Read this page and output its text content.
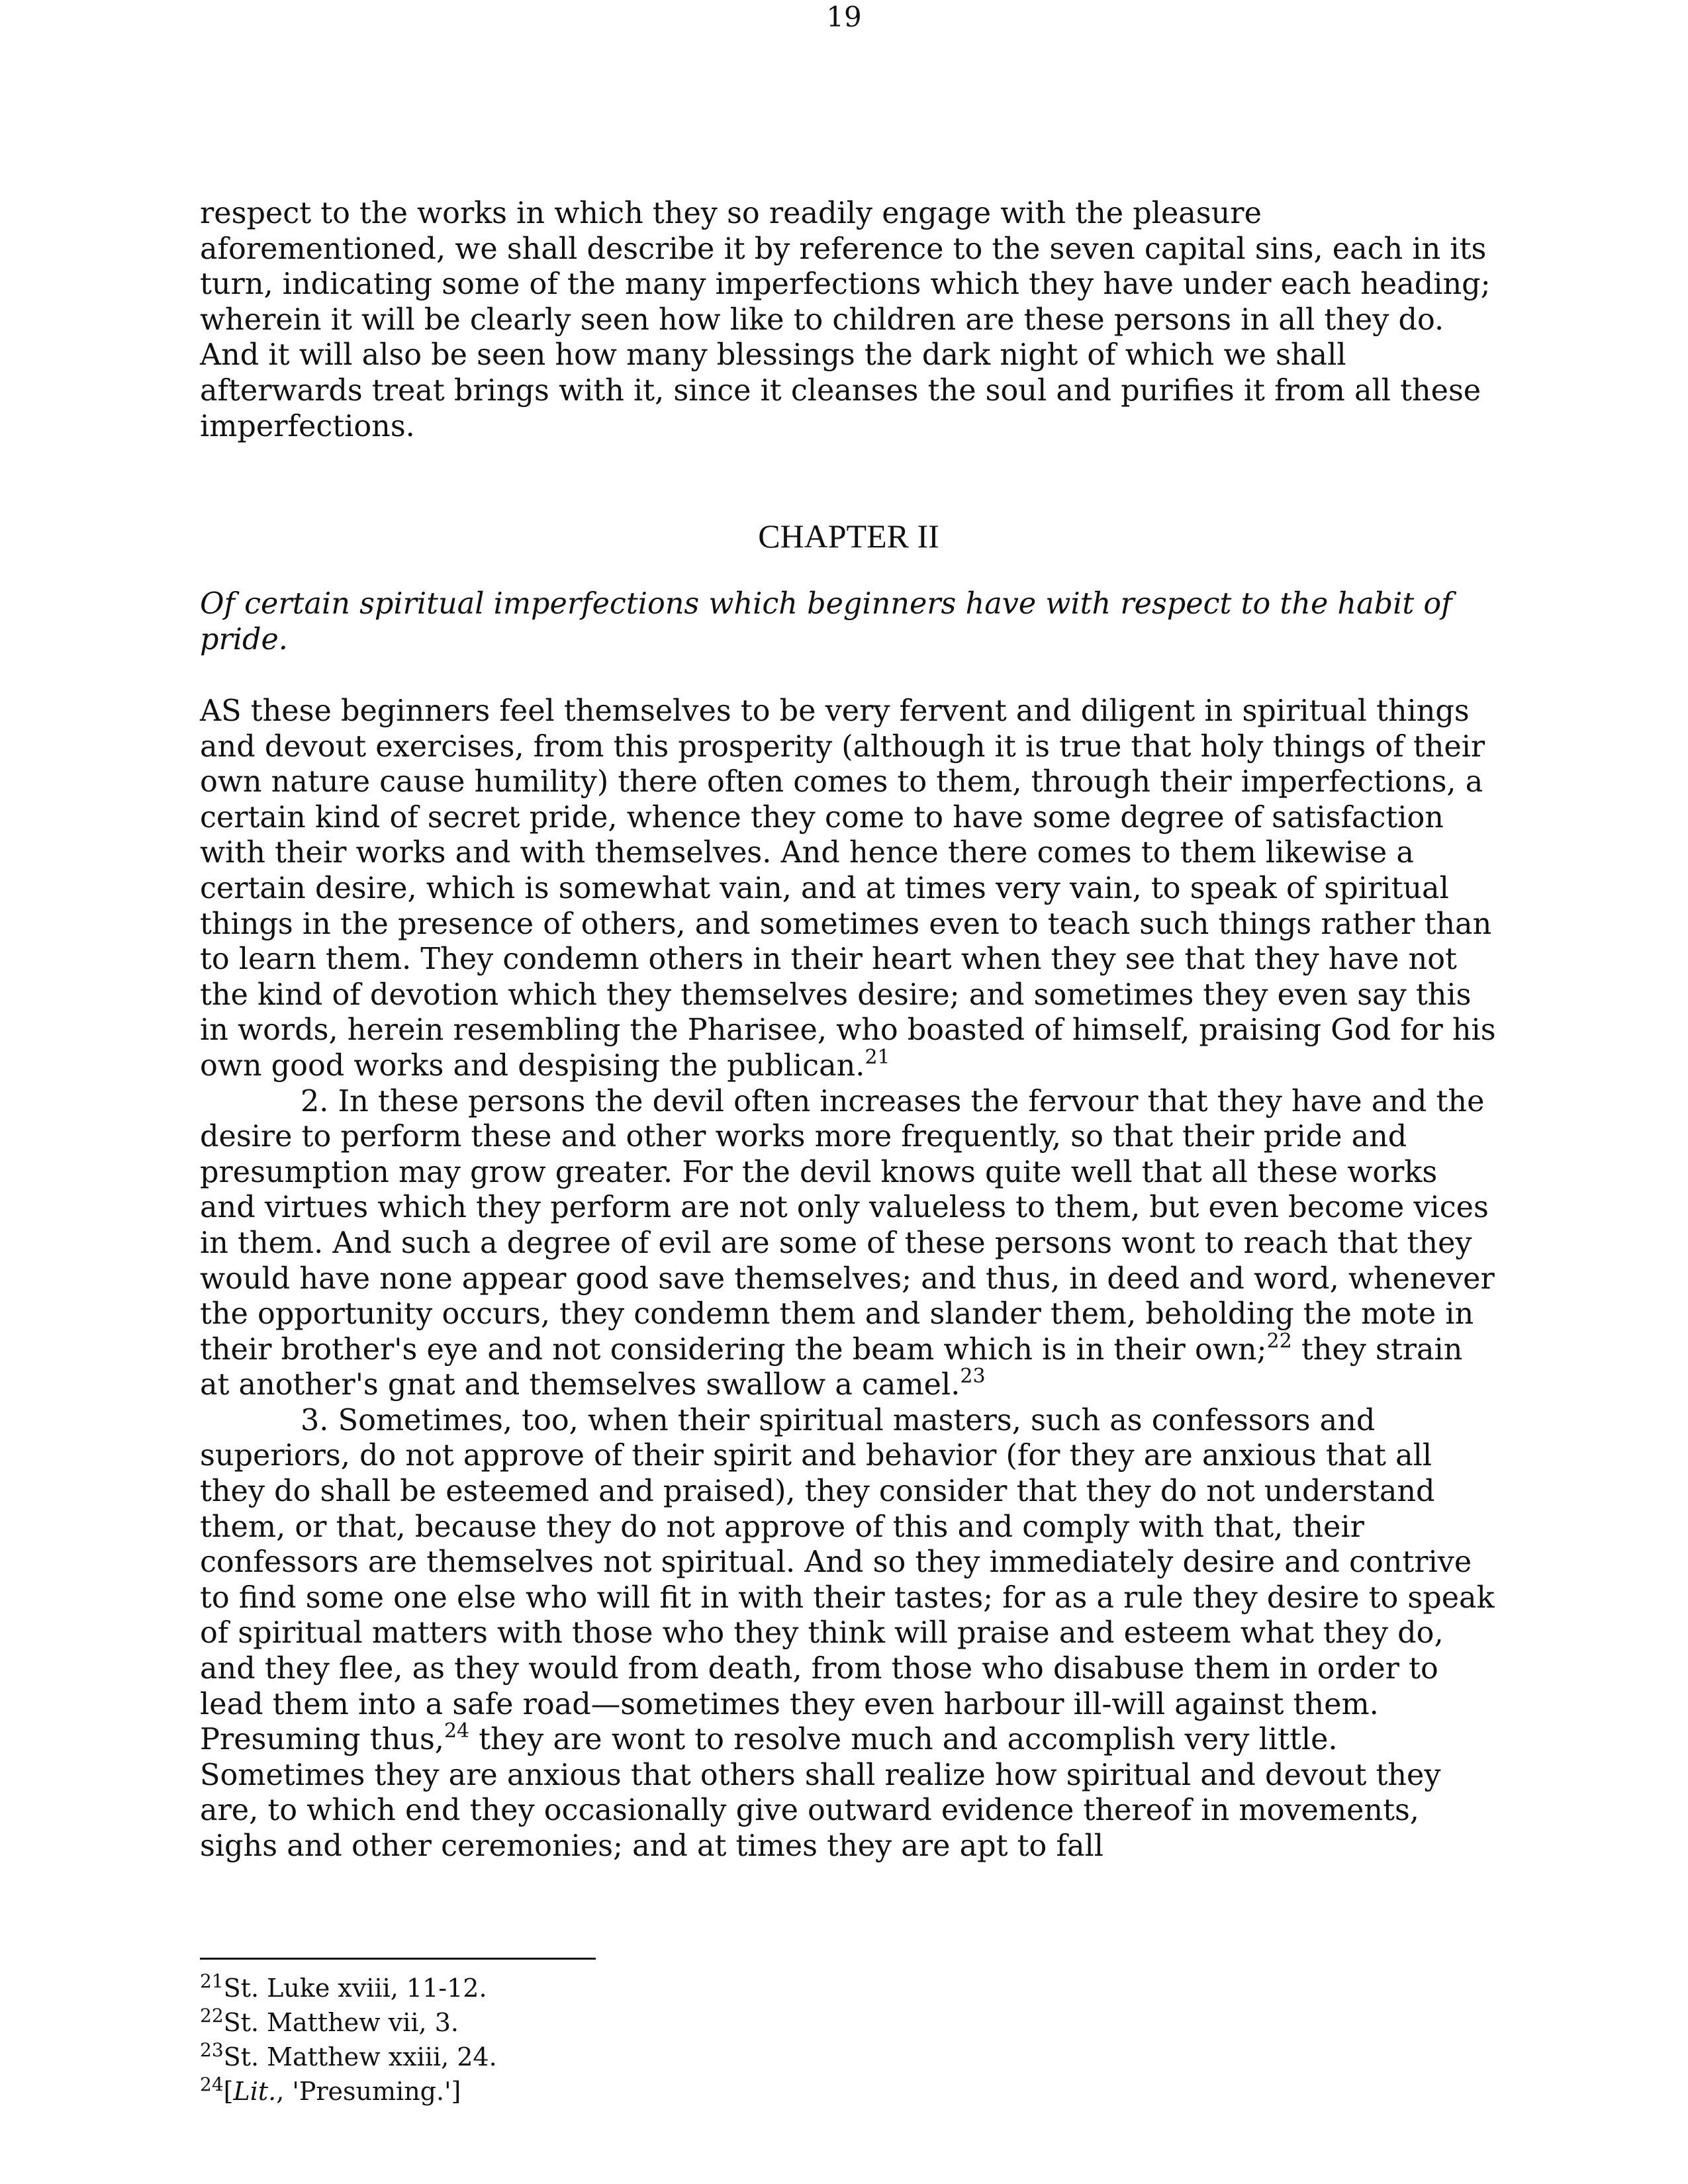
19

respect to the works in which they so readily engage with the pleasure aforementioned, we shall describe it by reference to the seven capital sins, each in its turn, indicating some of the many imperfections which they have under each heading; wherein it will be clearly seen how like to children are these persons in all they do. And it will also be seen how many blessings the dark night of which we shall afterwards treat brings with it, since it cleanses the soul and purifies it from all these imperfections.

CHAPTER II

Of certain spiritual imperfections which beginners have with respect to the habit of pride.

AS these beginners feel themselves to be very fervent and diligent in spiritual things and devout exercises, from this prosperity (although it is true that holy things of their own nature cause humility) there often comes to them, through their imperfections, a certain kind of secret pride, whence they come to have some degree of satisfaction with their works and with themselves. And hence there comes to them likewise a certain desire, which is somewhat vain, and at times very vain, to speak of spiritual things in the presence of others, and sometimes even to teach such things rather than to learn them. They condemn others in their heart when they see that they have not the kind of devotion which they themselves desire; and sometimes they even say this in words, herein resembling the Pharisee, who boasted of himself, praising God for his own good works and despising the publican.$^{21}$

2. In these persons the devil often increases the fervour that they have and the desire to perform these and other works more frequently, so that their pride and presumption may grow greater. For the devil knows quite well that all these works and virtues which they perform are not only valueless to them, but even become vices in them. And such a degree of evil are some of these persons wont to reach that they would have none appear good save themselves; and thus, in deed and word, whenever the opportunity occurs, they condemn them and slander them, beholding the mote in their brother's eye and not considering the beam which is in their own;$^{22}$ they strain at another's gnat and themselves swallow a camel.$^{23}$

3. Sometimes, too, when their spiritual masters, such as confessors and superiors, do not approve of their spirit and behavior (for they are anxious that all they do shall be esteemed and praised), they consider that they do not understand them, or that, because they do not approve of this and comply with that, their confessors are themselves not spiritual. And so they immediately desire and contrive to find some one else who will fit in with their tastes; for as a rule they desire to speak of spiritual matters with those who they think will praise and esteem what they do, and they flee, as they would from death, from those who disabuse them in order to lead them into a safe road—sometimes they even harbour ill-will against them. Presuming thus,$^{24}$ they are wont to resolve much and accomplish very little. Sometimes they are anxious that others shall realize how spiritual and devout they are, to which end they occasionally give outward evidence thereof in movements, sighs and other ceremonies; and at times they are apt to fall

$^{21}$St. Luke xviii, 11-12.

$^{22}$St. Matthew vii, 3.

$^{23}$St. Matthew xxiii, 24.

$^{24}$[Lit., 'Presuming.']
